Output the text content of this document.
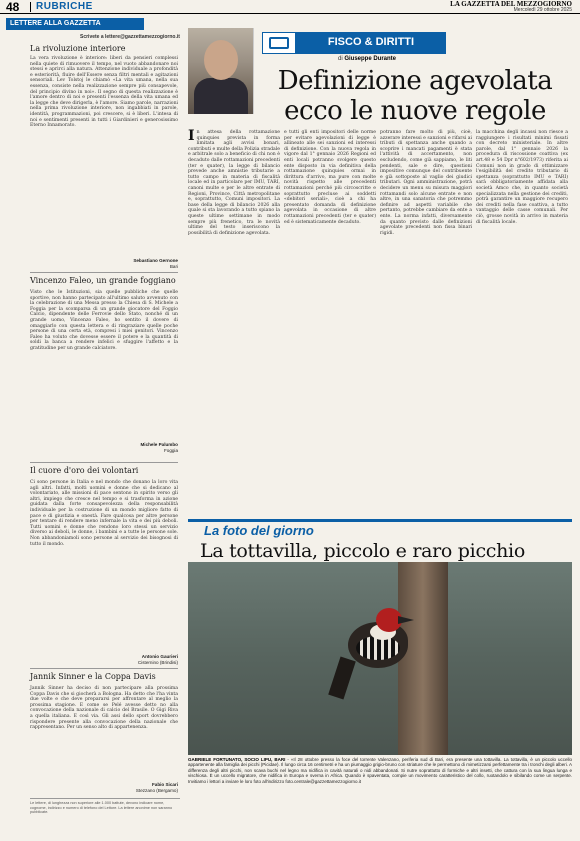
48 RUBRICHE	LA GAZZETTA DEL MEZZOGIORNO
Mercoledì 29 ottobre 2025
LETTERE ALLA GAZZETTA
Scrivete a lettere@gazzettamezzogiorno.it
La rivoluzione interiore
La vera rivoluzione è interiore: liberi da pensieri complessi nella quiete di rimuovere il tempo, nel vuoto abbandonare noi stessi e aprirci alla natura. Attenzione individuale a profondità e esteriorità, fluire dell'Essere senza filtri mentali e agitazioni sensoriali. Lev Tolstoj le chiamò «La vita umana, nella sua essenza, consiste nella realizzazione sempre più consapevole, del principio divino in noi». Il segno di questa realizzazione è l'amore dentro di noi e presenti l'essenza della vita umana ed la legge che deve dirigerla, è l'amore. Siamo parole, narrazioni nella prima rivoluzione interiore, non ingabbiati in parole, identità, programmazioni, poi crescere, si è liberi. L'intesa di noi e sentimenti presenti in tutti i Giardinieri e generosissimo Eterno Innamorato.
Sebastiano Gernone
Bari
Vincenzo Faleo, un grande foggiano
Visto che le Istituzioni, sia quelle pubbliche che quelle sportive, non hanno partecipato all'ultimo saluto avvenuto con la celebrazione di una Messa presso la Chiesa di S. Michele a Foggia per la scomparsa di un grande giocatore del Foggio Calcio, dipendente delle Ferrovie dello Stato, nonché di un grande uomo, Vincenzo Faleo, ho sentito il dovere di omaggiarlo con questa lettera e di ringraziare quelle poche persone di una certa età, compresi i miei genitori. Vincenzo Faleo ha voluto che dovesse essere il potere e la quantità di soldi la banca a rendere infelici e sfuggire l'affetto e la gratitudine per un grande calciatore.
Michele Palumbo
Foggia
Il cuore d'oro dei volontari
Ci sono persone in Italia e nel mondo che donano la loro vita agli altri. Infatti, molti uomini e donne che si dedicano al volontariato, alle missioni di pace sentono in spirito verso gli altri, impiego che cresce nel tempo e si trasforma in azione guidata dalla forte consapevolezza della responsabilità individuale per la costruzione di un mondo migliore fatto di pace e di giustizia e onestà. Fare qualcosa per altre persone per tentare di rendere meno infernale la vita e dei più deboli. Tutti uomini e donne che rendono loro stessi un servizio diverso ai deboli, le donne, i bambini e a tutte le persone sole. Non abbandoniamoli sono persone al servizio dei bisognosi di tutto il mondo.
Antonio Gaurieri
Cisternino (Brindisi)
Jannik Sinner e la Coppa Davis
Jannik Sinner ha deciso di non partecipare alla prossima Coppa Davis che si giocherà a Bologna. Ha detto che l'ha vinta due volte e che deve prepararsi per affrontare al meglio la prossima stagione. E come se Pelé avesse detto no alla convocazione della nazionale di calcio del Brasile. O Gigi Riva a quella italiana. E così via. Gli assi dello sport dovrebbero rispondere presente alla convocazione della nazionale che rappresentano. Per un senso alto di appartenenza.
Fabio Sicari
Stezzano (Bergamo)
Le lettere, di lunghezza non superiore alle 1.000 battute, devono indicare nome, cognome, indirizzo e numero di telefono del Lettore. La lettere anonime non saranno pubblicate.
FISCO & DIRITTI
di Giuseppe Durante
Definizione agevolata
ecco le nuove regole
In attesa della rottamazione quinquies prevista in forma limitata agli avvisi bonari, contributi e multe della Polizia stradale e arbitrale solo a beneficio di chi non è decaduto dalle rottamazioni precedenti (ter e quater), la legge di bilancio prevede anche amnistie tributarie a tutto campo in materia di fiscalità locale ed in particolare per IMU, TARI, canoni multe e per le altre entrate di Regioni, Province, Città metropolitane e, soprattutto, Comuni impositori. La base della legge di bilancio 2026 alla quale si sta lavorando a tutto spiano la queste ultime settimane in modo sempre più frenetico, tra le novità ultime del testo inseriscono la possibilità di definizione agevolata.
e tutti gli enti impositori delle norme per evitare agevolazioni di legge è allineato alle sei sanzioni ed interessi di definizione. Con la nuova regola in vigore dal 1° gennaio 2026 Regioni ed enti locali potranno svolgere questo ente disposto in via definitiva della rottamazione quinquies ormai in dirittura d'arrivo, ma pure con molte novità rispetto alle precedenti rottamazioni perché più circoscritte e soprattutto precluse ai soddetti «debitori seriali», cioè a chi ha presentato domanda di definizione agevolata in occasione di altre rottamazioni precedenti (ter e quater) ed è sistematicamente decaduto.
potranno fare molto di più, cioè, azzerare interessi e sanzioni e rifarsi ai tributi di spettanza anche quando a scoprire i mancati pagamenti è stata l'attività di accertamento, non escludendo, come già sappiamo, le liti pendenti, sale e dire, questioni impositive comunque del contribuente e già sottoposte al vaglio dei giudici tributari. Ogni amministrazione, potrà decidere un menu su misura maggiori rottamandi solo alcune entrate e non altre, in una sanatoria che potremmo definire ad aspetti variabile che pertanto, potrebbe cambiare da ente a ente. La norma infatti, diversamente da quanto previsto dalle definizioni agevolate precedenti non fissa binari rigidi.
la macchina degli incassi non riesce a raggiungere i risultati minimi fissati con decreto ministeriale. In altre parole, dal 1° gennaio 2026 la procedura di riscossione coattiva (ex art.48 e 54 Dpr n°602/1973) riferita ai Comuni non in grado di ottimizzare l'esigibilità del credito tributario di spettanza (soprattutto IMU e TARI) sarà obbligatoriamente affidata alla società Amco che, in quanto società specializzata nella gestione dei crediti, potrà garantire un maggiore recupero dei crediti nella fase coattiva, a tutto vantaggio delle casse comunali. Per ciò, grosse novità in arrivo in materia di fiscalità locale.
La foto del giorno
La tottavilla, piccolo e raro picchio
GABRIELE FORTUNATO, SOCIO LIPU, BARI - «Il 28 ottobre presso la foce del torrente Valenzano, periferia sud di Bari, era presente una tottavilla. La tottavilla, è un piccolo uccello appartenente alla famiglia dei picchi (Picidae). Il lungo circa 16 centimetri e ha un piumaggio grigio-bruno con striature che le permettono di mimetizzarsi perfettamente tra i tronchi degli alberi. A differenza degli altri picchi, non scava buchi nel legno ma nidifica in cavità naturali o nidi abbandonati. Si nutre soprattutto di formiche e altri insetti, che cattura con la sua lingua lunga e vischiosa. È un uccello migratore, che nidifica in Europa e sverna in Africa. Quando è spaventata, compie un movimento caratteristico del collo, ruotandolo e sibilando come un serpente. Invitiamo i lettori a inviare le loro foto all'indirizzo foto.centrale@gazzettamezzogiorno.it
